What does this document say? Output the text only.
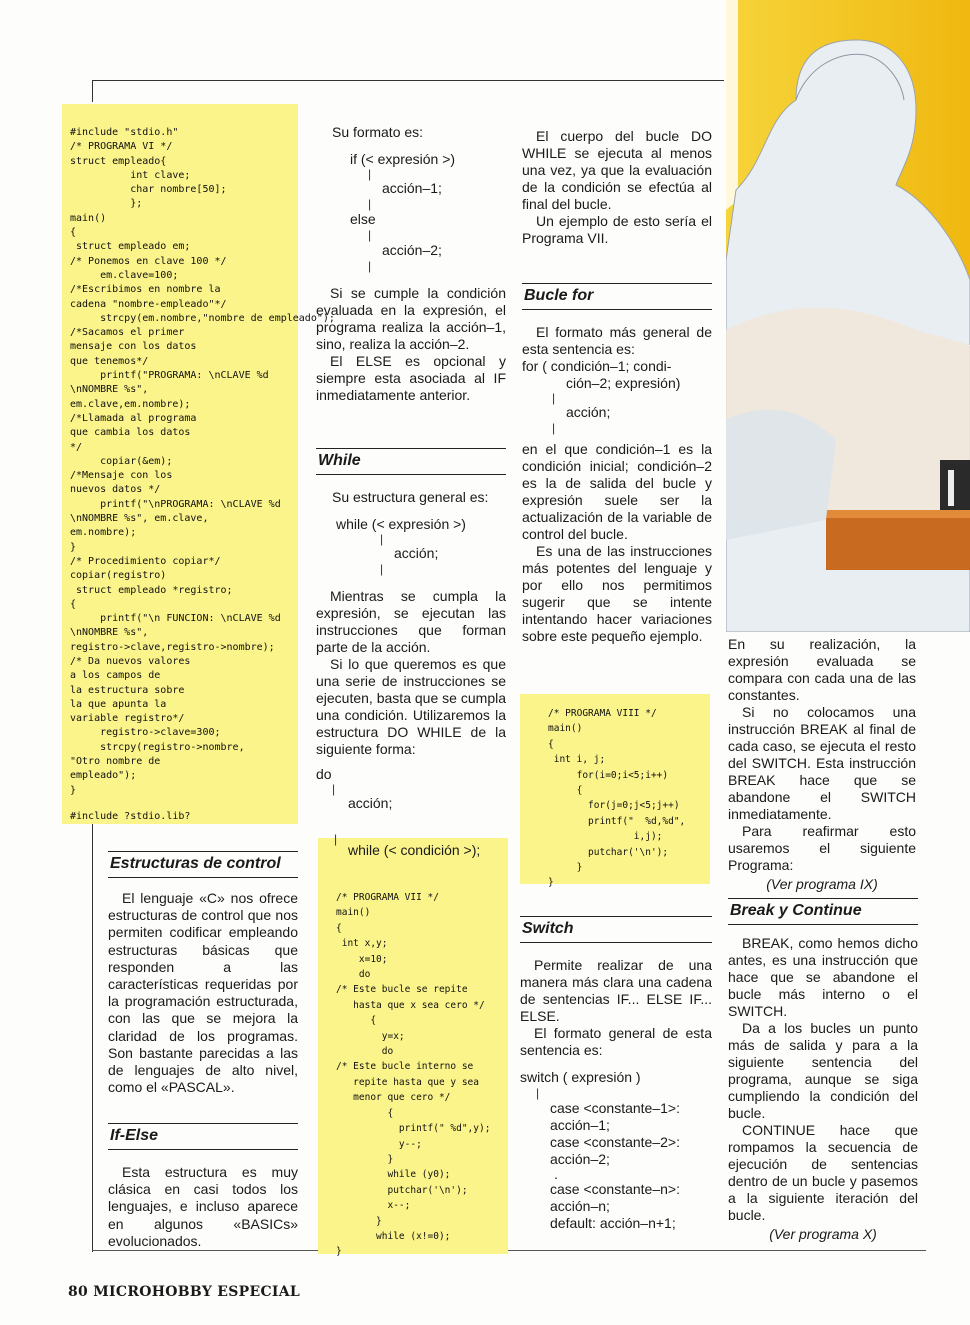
#include "stdio.h"
/* PROGRAMA VI */
struct empleado{
int clave;
char nombre[50];
};
main()
{
struct empleado em;
/* Ponemos en clave 100 */
em.clave=100;
/*Escribimos en nombre la
cadena "nombre-empleado"*/
strcpy(em.nombre,"nombre de empleado");
/*Sacamos el primer
mensaje con los datos
que tenemos*/
printf("PROGRAMA: \nCLAVE %d
\nNOMBRE %s",
em.clave,em.nombre);
/*Llamada al programa
que cambia los datos
*/
copiar(&em);
/*Mensaje con los
nuevos datos */
printf("\nPROGRAMA: \nCLAVE %d
\nNOMBRE %s", em.clave,
em.nombre);
}
/* Procedimiento copiar*/
copiar(registro)
struct empleado *registro;
{
printf("\n FUNCION: \nCLAVE %d
\nNOMBRE %s",
registro->clave,registro->nombre);
/* Da nuevos valores
a los campos de
la estructura sobre
la que apunta la
variable registro*/
registro->clave=300;
strcpy(registro->nombre,
"Otro nombre de
empleado");
}
#include ?stdio.lib?
Estructuras de control

El lenguaje «C» nos ofrece estructuras de control que nos permiten codificar empleando estructuras básicas que responden a las características requeridas por la programación estructurada, con las que se mejora la claridad de los programas. Son bastante parecidas a las de lenguajes de alto nivel, como el «PASCAL».

If-Else

Esta estructura es muy clásica en casi todos los lenguajes, e incluso aparece en algunos «BASICs» evolucionados.

Su formato es:

if (< expresión >)

|

acción–1;

|

else

|

acción–2;

|

Si se cumple la condición evaluada en la expresión, el programa realiza la acción–1, sino, realiza la acción–2.

El ELSE es opcional y siempre esta asociada al IF inmediatamente anterior.

While

Su estructura general es:

while (< expresión >)

|

acción;

|

Mientras se cumpla la expresión, se ejecutan las instrucciones que forman parte de la acción.

Si lo que queremos es que una serie de instrucciones se ejecuten, basta que se cumpla una condición. Utilizaremos la estructura DO WHILE de la siguiente forma:

do

|

acción;

|

while (< condición >);

/* PROGRAMA VII */
main()
{
int x,y;
x=10;
do
/* Este bucle se repite
hasta que x sea cero */
{
y=x;
do
/* Este bucle interno se
repite hasta que y sea
menor que cero */
{
printf(" %d",y);
y--;
}
while (y0);
putchar('\n');
x--;
}
while (x!=0);
}

El cuerpo del bucle DO WHILE se ejecuta al menos una vez, ya que la evaluación de la condición se efectúa al final del bucle.

Un ejemplo de esto sería el Programa VII.

Bucle for

El formato más general de esta sentencia es:

for ( condición–1; condi-

ción–2; expresión)

|

acción;

|

en el que condición–1 es la condición inicial; condición–2 es la de salida del bucle y expresión suele ser la actualización de la variable de control del bucle.

Es una de las instrucciones más potentes del lenguaje y por ello nos permitimos sugerir que se intente intentando hacer variaciones sobre este pequeño ejemplo.

/* PROGRAMA VIII */
main()
{
int i, j;
for(i=0;i<5;i++)
{
for(j=0;j<5;j++)
printf("  %d,%d",
i,j);
putchar('\n');
}
}
Switch

Permite realizar de una manera más clara una cadena de sentencias IF... ELSE IF... ELSE.

El formato general de esta sentencia es:

switch ( expresión )

|

case <constante–1>:

acción–1;

case <constante–2>:

acción–2;

.

case <constante–n>:

acción–n;

default: acción–n+1;

En su realización, la expresión evaluada se compara con cada una de las constantes.

Si no colocamos una instrucción BREAK al final de cada caso, se ejecuta el resto del SWITCH. Esta instrucción BREAK hace que se abandone el SWITCH inmediatamente.

Para reafirmar esto usaremos el siguiente Programa:

(Ver programa IX)

Break y Continue

BREAK, como hemos dicho antes, es una instrucción que hace que se abandone el bucle más interno o el SWITCH.

Da a los bucles un punto más de salida y para a la siguiente sentencia del programa, aunque se siga cumpliendo la condición del bucle.

CONTINUE hace que rompamos la secuencia de ejecución de sentencias dentro de un bucle y pasemos a la siguiente iteración del bucle.

(Ver programa X)

80 MICROHOBBY ESPECIAL
